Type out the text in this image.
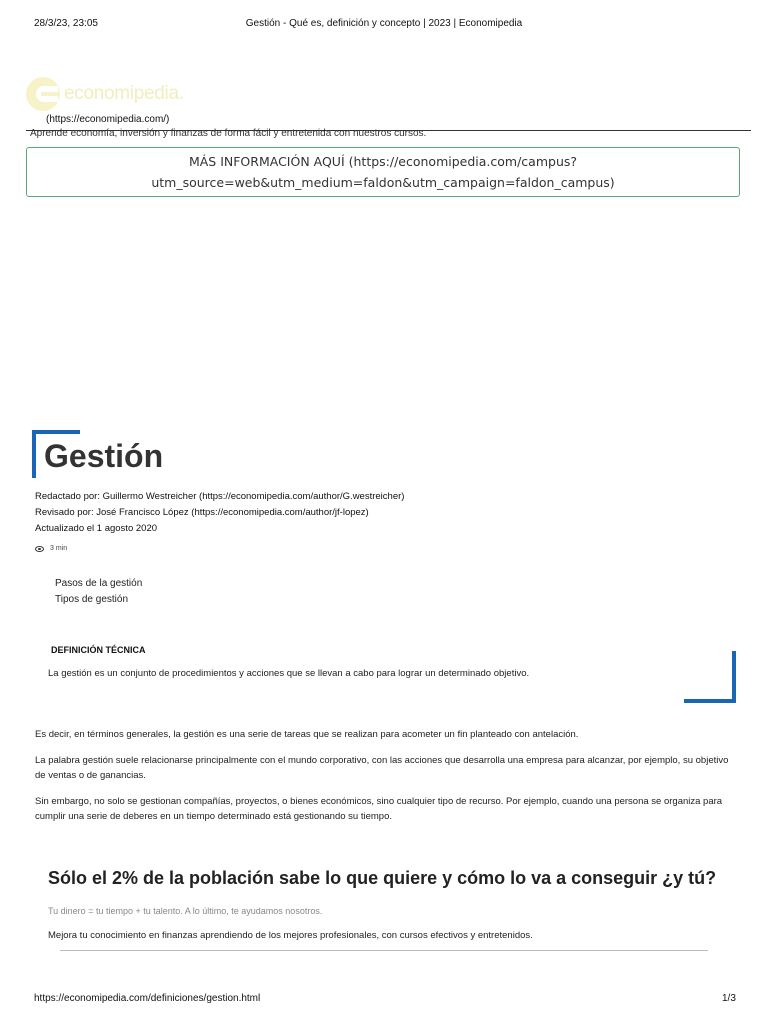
28/3/23, 23:05	Gestión - Qué es, definición y concepto | 2023 | Economipedia
economipedia.
(https://economipedia.com/)
Aprende economía, inversión y finanzas de forma fácil y entretenida con nuestros cursos.
MÁS INFORMACIÓN AQUÍ (https://economipedia.com/campus?
utm_source=web&utm_medium=faldon&utm_campaign=faldon_campus)
Gestión
Redactado por: Guillermo Westreicher (https://economipedia.com/author/G.westreicher)
Revisado por: José Francisco López (https://economipedia.com/author/jf-lopez)
Actualizado el 1 agosto 2020
3 min
Pasos de la gestión
Tipos de gestión
DEFINICIÓN TÉCNICA
La gestión es un conjunto de procedimientos y acciones que se llevan a cabo para lograr un determinado objetivo.

Es decir, en términos generales, la gestión es una serie de tareas que se realizan para acometer un fin planteado con antelación.

La palabra gestión suele relacionarse principalmente con el mundo corporativo, con las acciones que desarrolla una empresa para alcanzar, por ejemplo, su objetivo de ventas o de ganancias.

Sin embargo, no solo se gestionan compañías, proyectos, o bienes económicos, sino cualquier tipo de recurso. Por ejemplo, cuando una persona se organiza para cumplir una serie de deberes en un tiempo determinado está gestionando su tiempo.

Sólo el 2% de la población sabe lo que quiere y cómo lo va a conseguir ¿y tú?
Tu dinero = tu tiempo + tu talento. A lo último, te ayudamos nosotros.
Mejora tu conocimiento en finanzas aprendiendo de los mejores profesionales, con cursos efectivos y entretenidos.
https://economipedia.com/definiciones/gestion.html	1/3
